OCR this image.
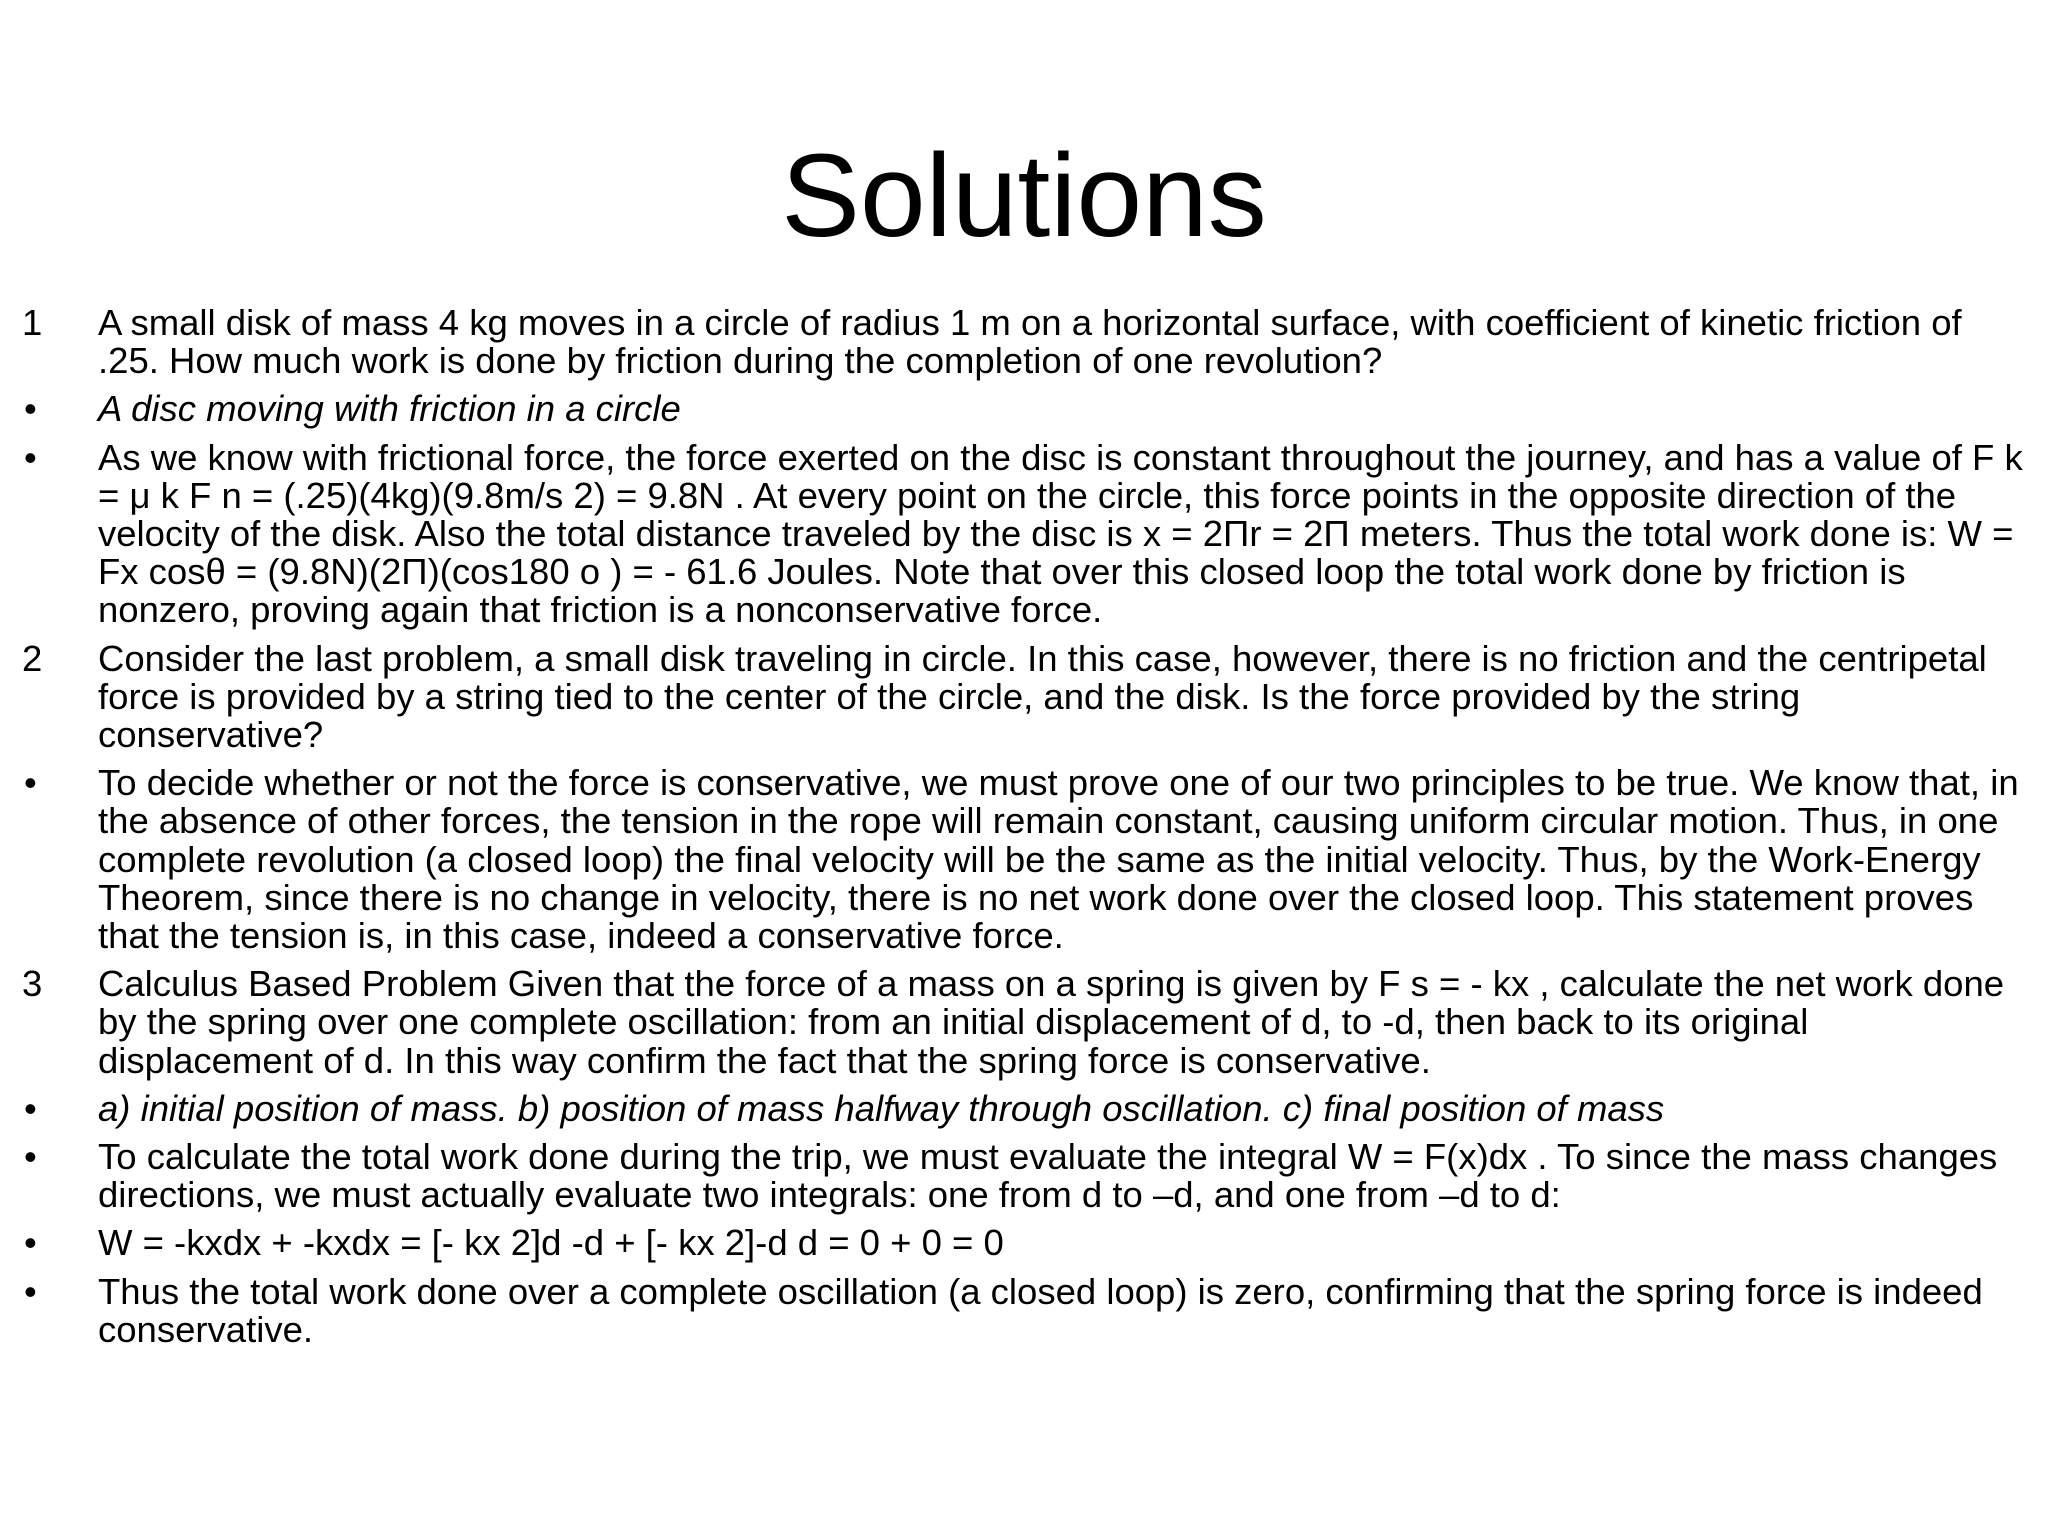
Solutions
1	A small disk of mass 4 kg moves in a circle of radius 1 m on a horizontal surface, with coefficient of kinetic friction of .25. How much work is done by friction during the completion of one revolution?
•	A disc moving with friction in a circle
•	As we know with frictional force, the force exerted on the disc is constant throughout the journey, and has a value of F k = μ k F n = (.25)(4kg)(9.8m/s 2) = 9.8N . At every point on the circle, this force points in the opposite direction of the velocity of the disk. Also the total distance traveled by the disc is x = 2Πr = 2Π meters. Thus the total work done is: W = Fx cosθ = (9.8N)(2Π)(cos180 o ) = - 61.6 Joules. Note that over this closed loop the total work done by friction is nonzero, proving again that friction is a nonconservative force.
2	Consider the last problem, a small disk traveling in circle. In this case, however, there is no friction and the centripetal force is provided by a string tied to the center of the circle, and the disk. Is the force provided by the string conservative?
•	To decide whether or not the force is conservative, we must prove one of our two principles to be true. We know that, in the absence of other forces, the tension in the rope will remain constant, causing uniform circular motion. Thus, in one complete revolution (a closed loop) the final velocity will be the same as the initial velocity. Thus, by the Work-Energy Theorem, since there is no change in velocity, there is no net work done over the closed loop. This statement proves that the tension is, in this case, indeed a conservative force.
3	Calculus Based Problem Given that the force of a mass on a spring is given by F s = - kx , calculate the net work done by the spring over one complete oscillation: from an initial displacement of d, to -d, then back to its original displacement of d. In this way confirm the fact that the spring force is conservative.
•	a) initial position of mass. b) position of mass halfway through oscillation. c) final position of mass
•	To calculate the total work done during the trip, we must evaluate the integral W = F(x)dx . To since the mass changes directions, we must actually evaluate two integrals: one from d to –d, and one from –d to d:
•	W = -kxdx + -kxdx = [- kx 2]d -d + [- kx 2]-d d = 0 + 0 = 0
•	Thus the total work done over a complete oscillation (a closed loop) is zero, confirming that the spring force is indeed conservative.
